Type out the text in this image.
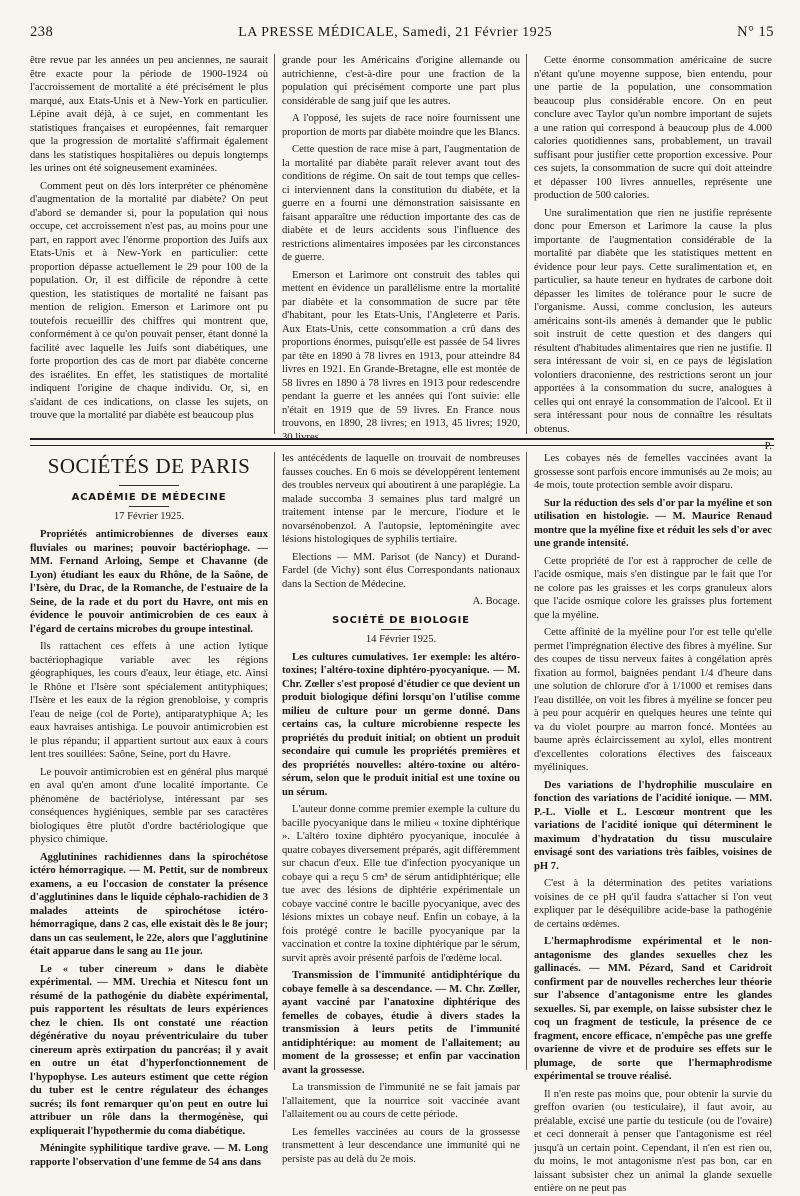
238	LA PRESSE MÉDICALE, Samedi, 21 Février 1925	N° 15

être revue par les années un peu anciennes, ne saurait être exacte pour la période de 1900-1924 où l'accroissement de mortalité a été précisément le plus marqué, aux Etats-Unis et à New-York en particulier. Lépine avait déjà, à ce sujet, en commentant les statistiques françaises et européennes, fait remarquer que la progression de mortalité s'affirmait également dans les statistiques hospitalières ou depuis longtemps les urines ont été soigneusement examinées.

Comment peut on dès lors interpréter ce phénomène d'augmentation de la mortalité par diabète? On peut d'abord se demander si, pour la population qui nous occupe, cet accroissement n'est pas, au moins pour une part, en rapport avec l'énorme proportion des Juifs aux Etats-Unis et à New-York en particulier: cette proportion dépasse actuellement le 29 pour 100 de la population. Or, il est difficile de répondre à cette question, les statistiques de mortalité ne faisant pas mention de religion. Emerson et Larimore ont pu toutefois recueillir des chiffres qui montrent que, conformément à ce qu'on pouvait penser, étant donné la facilité avec laquelle les Juifs sont diabétiques, une forte proportion des cas de mort par diabète concerne des israélites. En effet, les statistiques de mortalité indiquent l'origine de chaque individu. Or, si, en s'aidant de ces indications, on classe les sujets, on trouve que la mortalité par diabète est beaucoup plus

grande pour les Américains d'origine allemande ou autrichienne, c'est-à-dire pour une fraction de la population qui précisément comporte une part plus considérable de sang juif que les autres.

A l'opposé, les sujets de race noire fournissent une proportion de morts par diabète moindre que les Blancs.

Cette question de race mise à part, l'augmentation de la mortalité par diabète paraît relever avant tout des conditions de régime. On sait de tout temps que celles-ci interviennent dans la constitution du diabète, et la guerre en a fourni une démonstration saisissante en faisant apparaître une réduction importante des cas de diabète et de leurs accidents sous l'influence des restrictions alimentaires imposées par les circonstances de guerre.

Emerson et Larimore ont construit des tables qui mettent en évidence un parallélisme entre la mortalité par diabète et la consommation de sucre par tête d'habitant, pour les Etats-Unis, l'Angleterre et Paris. Aux Etats-Unis, cette consommation a crû dans des proportions énormes, puisqu'elle est passée de 54 livres par tête en 1890 à 78 livres en 1913, pour atteindre 84 livres en 1921. En Grande-Bretagne, elle est montée de 58 livres en 1890 à 78 livres en 1913 pour redescendre pendant la guerre et les années qui l'ont suivie: elle n'était en 1919 que de 59 livres. En France nous trouvons, en 1890, 28 livres; en 1913, 45 livres; 1920, 30 livres.

Cette énorme consommation américaine de sucre n'étant qu'une moyenne suppose, bien entendu, pour une partie de la population, une consommation beaucoup plus considérable encore. On en peut conclure avec Taylor qu'un nombre important de sujets a une ration qui correspond à beaucoup plus de 4.000 calories quotidiennes sans, probablement, un travail suffisant pour justifier cette proportion excessive. Pour ces sujets, la consommation de sucre qui doit atteindre et dépasser 100 livres annuelles, représente une production de 500 calories.

Une suralimentation que rien ne justifie représente donc pour Emerson et Larimore la cause la plus importante de l'augmentation considérable de la mortalité par diabète que les statistiques mettent en évidence pour leur pays. Cette suralimentation et, en particulier, sa haute teneur en hydrates de carbone doit dépasser les limites de tolérance pour le sucre de l'organisme. Aussi, comme conclusion, les auteurs américains sont-ils amenés à demander que le public soit instruit de cette question et des dangers qui résultent d'habitudes alimentaires que rien ne justifie. Il sera intéressant de voir si, en ce pays de législation volontiers draconienne, des restrictions seront un jour apportées à la consommation du sucre, analogues à celles qui ont enrayé la consommation de l'alcool. Et il sera intéressant pour nous de connaître les résultats obtenus.

P.

SOCIÉTÉS DE PARIS
ACADÉMIE DE MÉDECINE
17 Février 1925.

Propriétés antimicrobiennes de diverses eaux fluviales ou marines; pouvoir bactériophage. — MM. Fernand Arloing, Sempe et Chavanne (de Lyon) étudiant les eaux du Rhône, de la Saône, de l'Isère, du Drac, de la Romanche, de l'estuaire de la Seine, de la rade et du port du Havre, ont mis en évidence le pouvoir antimicrobien de ces eaux à l'égard de certains microbes du groupe intestinal.

Ils rattachent ces effets à une action lytique bactériophagique variable avec les régions géographiques, les cours d'eaux, leur étiage, etc. Ainsi le Rhône et l'Isère sont spécialement antityphiques; l'Isère et les eaux de la région grenobloise, y compris l'eau de neige (col de Porte), antiparatyphique A; les eaux havraises antishiga. Le pouvoir antimicrobien est le plus répandu; il appartient surtout aux eaux à cours lent tres souillées: Saône, Seine, port du Havre.

Le pouvoir antimicrobien est en général plus marqué en aval qu'en amont d'une localité importante. Ce phénomène de bactériolyse, intéressant par ses conséquences hygiéniques, semble par ses caractères biologiques être plutôt d'ordre bactériologique que physico chimique.

Agglutinines rachidiennes dans la spirochétose ictéro hémorragique. — M. Pettit, sur de nombreux examens, a eu l'occasion de constater la présence d'agglutinines dans le liquide céphalo-rachidien de 3 malades atteints de spirochétose ictéro-hémorragique, dans 2 cas, elle existait dès le 8e jour; dans un cas seulement, le 22e, alors que l'agglutinine était apparue dans le sang au 11e jour.

Le « tuber cinereum » dans le diabète expérimental. — MM. Urechia et Nitescu font un résumé de la pathogénie du diabète expérimental, puis rapportent les résultats de leurs expériences chez le chien. Ils ont constaté une réaction dégénérative du noyau préventriculaire du tuber cinereum après extirpation du pancréas; il y avait en outre un état d'hyperfonctionnement de l'hypophyse. Les auteurs estiment que cette région du tuber est le centre régulateur des échanges sucrés; ils font remarquer qu'on peut en outre lui attribuer un rôle dans la thermogénèse, qui expliquerait l'hypothermie du coma diabétique.

Méningite syphilitique tardive grave. — M. Long rapporte l'observation d'une femme de 54 ans dans

les antécédents de laquelle on trouvait de nombreuses fausses couches. En 6 mois se développèrent lentement des troubles nerveux qui aboutirent à une paraplégie. La malade succomba 3 semaines plus tard malgré un traitement intense par le mercure, l'iodure et le novarsénobenzol. A l'autopsie, leptoméningite avec lésions histologiques de syphilis tertiaire.

Elections — MM. Parisot (de Nancy) et Durand-Fardel (de Vichy) sont élus Correspondants nationaux dans la Section de Médecine.

A. Bocage.

SOCIÉTÉ DE BIOLOGIE
14 Février 1925.

Les cultures cumulatives. 1er exemple: les altéro-toxines; l'altéro-toxine diphtéro-pyocyanique. — M. Chr. Zœller s'est proposé d'étudier ce que devient un produit biologique défini lorsqu'on l'utilise comme milieu de culture pour un germe donné. Dans certains cas, la culture microbienne respecte les propriétés du produit initial; on obtient un produit secondaire qui cumule les propriétés premières et des propriétés nouvelles: altéro-toxine ou altéro-sérum, selon que le produit initial est une toxine ou un sérum.

L'auteur donne comme premier exemple la culture du bacille pyocyanique dans le milieu « toxine diphtérique ». L'altéro toxine diphtéro pyocyanique, inoculée à quatre cobayes diversement préparés, agit différemment sur chacun d'eux. Elle tue d'infection pyocyanique un cobaye qui a reçu 5 cm³ de sérum antidiphtérique; elle tue avec des lésions de diphtérie expérimentale un cobaye vacciné contre le bacille pyocyanique, avec des lésions mixtes un cobaye neuf. Enfin un cobaye, à la fois protégé contre le bacille pyocyanique par la vaccination et contre la toxine diphtérique par le sérum, survit après avoir présenté parfois de l'œdème local.

Transmission de l'immunité antidiphtérique du cobaye femelle à sa descendance. — M. Chr. Zœller, ayant vacciné par l'anatoxine diphtérique des femelles de cobayes, étudie à divers stades la transmission à leurs petits de l'immunité antidiphtérique: au moment de l'allaitement; au moment de la grossesse; et enfin par vaccination avant la grossesse.

La transmission de l'immunité ne se fait jamais par l'allaitement, que la nourrice soit vaccinée avant l'allaitement ou au cours de cette période.

Les femelles vaccinées au cours de la grossesse transmettent à leur descendance une immunité qui ne persiste pas au delà du 2e mois.

Les cobayes nés de femelles vaccinées avant la grossesse sont parfois encore immunisés au 2e mois; au 4e mois, toute protection semble avoir disparu.

Sur la réduction des sels d'or par la myéline et son utilisation en histologie. — M. Maurice Renaud montre que la myéline fixe et réduit les sels d'or avec une grande intensité.

Cette propriété de l'or est à rapprocher de celle de l'acide osmique, mais s'en distingue par le fait que l'or ne colore pas les graisses et les corps granuleux alors que l'acide osmique colore les graisses plus fortement que la myéline.

Cette affinité de la myéline pour l'or est telle qu'elle permet l'imprégnation élective des fibres à myéline. Sur des coupes de tissu nerveux faites à congélation après fixation au formol, baignées pendant 1/4 d'heure dans une solution de chlorure d'or à 1/1000 et remises dans l'eau distillée, on voit les fibres à myéline se foncer peu à peu pour acquérir en quelques heures une teinte qui va du violet pourpre au marron foncé. Montées au baume après éclaircissement au xylol, elles montrent d'excellentes colorations électives des faisceaux myéliniques.

Des variations de l'hydrophilie musculaire en fonction des variations de l'acidité ionique. — MM. P.-L. Violle et L. Lescœur montrent que les variations de l'acidité ionique qui déterminent le maximum d'hydratation du tissu musculaire envisagé sont des variations très faibles, voisines de pH 7.

C'est à la détermination des petites variations voisines de ce pH qu'il faudra s'attacher si l'on veut expliquer par le déséquilibre acide-base la pathogénie de certains œdèmes.

L'hermaphrodisme expérimental et le non-antagonisme des glandes sexuelles chez les gallinacés. — MM. Pézard, Sand et Caridroit confirment par de nouvelles recherches leur théorie sur l'absence d'antagonisme entre les glandes sexuelles. Si, par exemple, on laisse subsister chez le coq un fragment de testicule, la présence de ce fragment, encore efficace, n'empêche pas une greffe ovarienne de vivre et de produire ses effets sur le plumage, de sorte que l'hermaphrodisme expérimental se trouve réalisé.

Il n'en reste pas moins que, pour obtenir la survie du greffon ovarien (ou testiculaire), il faut avoir, au préalable, excisé une partie du testicule (ou de l'ovaire) et ceci donnerait à penser que l'antagonisme est réel jusqu'à un certain point. Cependant, il n'en est rien ou, du moins, le mot antagonisme n'est pas bon, car en laissant subsister chez un animal la glande sexuelle entière on ne peut pas
